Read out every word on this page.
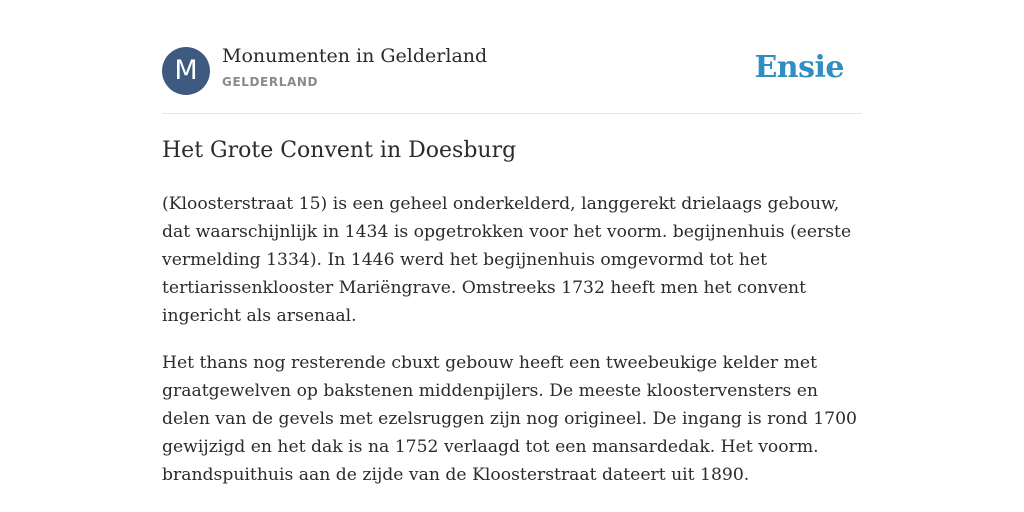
M	Monumenten in Gelderland
GELDERLAND	Ensie
Het Grote Convent in Doesburg

(Kloosterstraat 15) is een geheel onderkelderd, langgerekt drielaags gebouw, dat waarschijnlijk in 1434 is opgetrokken voor het voorm. begijnenhuis (eerste vermelding 1334). In 1446 werd het begijnenhuis omgevormd tot het tertiarissenklooster Mariëngrave. Omstreeks 1732 heeft men het convent ingericht als arsenaal.

Het thans nog resterende cbuxt gebouw heeft een tweebeukige kelder met graatgewelven op bakstenen middenpijlers. De meeste kloostervensters en delen van de gevels met ezelsruggen zijn nog origineel. De ingang is rond 1700 gewijzigd en het dak is na 1752 verlaagd tot een mansardedak. Het voorm. brandspuithuis aan de zijde van de Kloosterstraat dateert uit 1890.
